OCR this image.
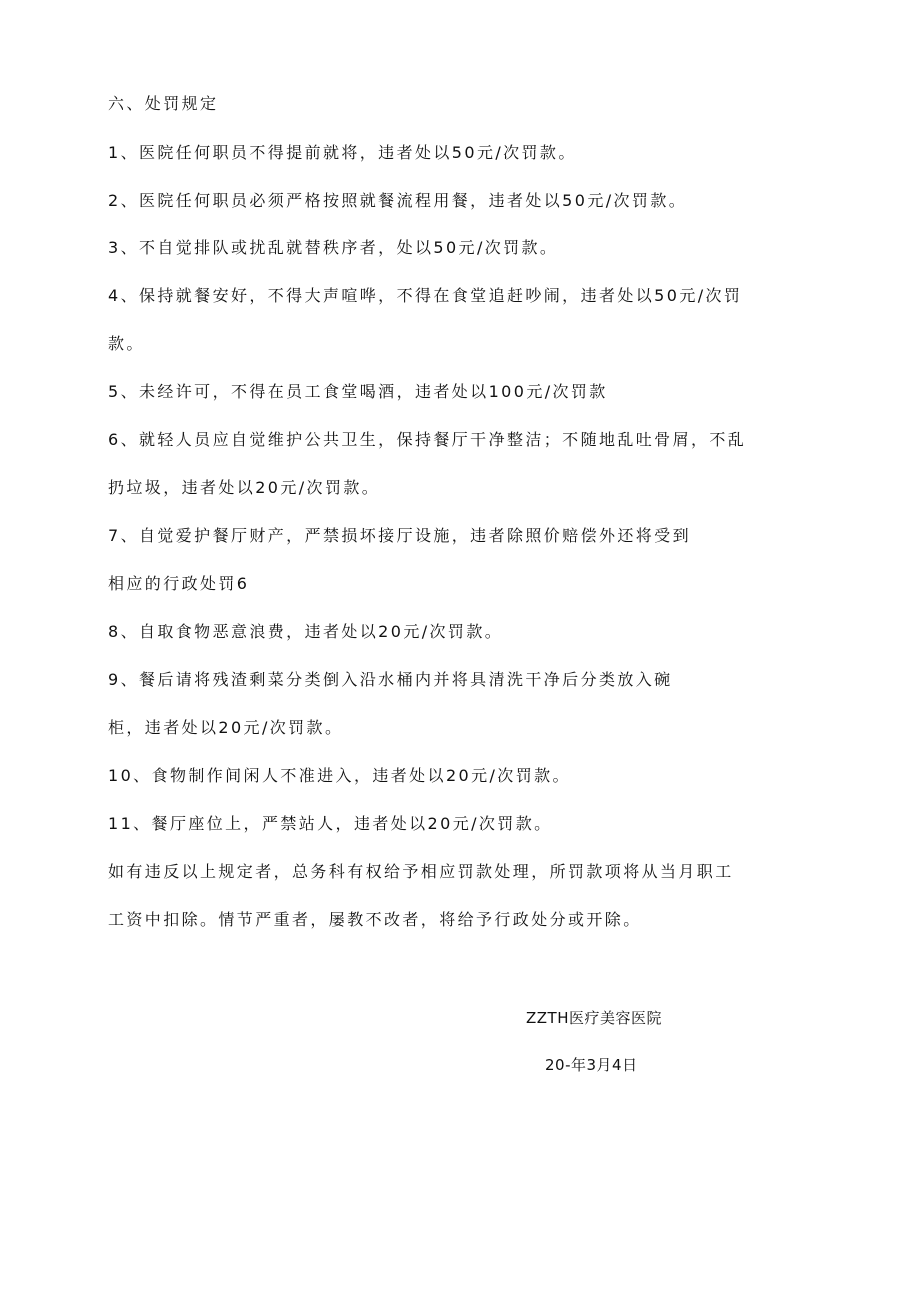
六、处罚规定
1、医院任何职员不得提前就将，违者处以50元/次罚款。
2、医院任何职员必须严格按照就餐流程用餐，违者处以50元/次罚款。
3、不自觉排队或扰乱就替秩序者，处以50元/次罚款。
4、保持就餐安好，不得大声喧哗，不得在食堂追赶吵闹，违者处以50元/次罚
款。
5、未经许可，不得在员工食堂喝酒，违者处以100元/次罚款
6、就轻人员应自觉维护公共卫生，保持餐厅干净整洁；不随地乱吐骨屑，不乱
扔垃圾，违者处以20元/次罚款。
7、自觉爱护餐厅财产，严禁损坏接厅设施，违者除照价赔偿外还将受到
相应的行政处罚6
8、自取食物恶意浪费，违者处以20元/次罚款。
9、餐后请将残渣剩菜分类倒入沿水桶内并将具清洗干净后分类放入碗
柜，违者处以20元/次罚款。
10、食物制作间闲人不准进入，违者处以20元/次罚款。
11、餐厅座位上，严禁站人，违者处以20元/次罚款。
如有违反以上规定者，总务科有权给予相应罚款处理，所罚款项将从当月职工
工资中扣除。情节严重者，屡教不改者，将给予行政处分或开除。
ZZTH医疗美容医院
20-年3月4日
